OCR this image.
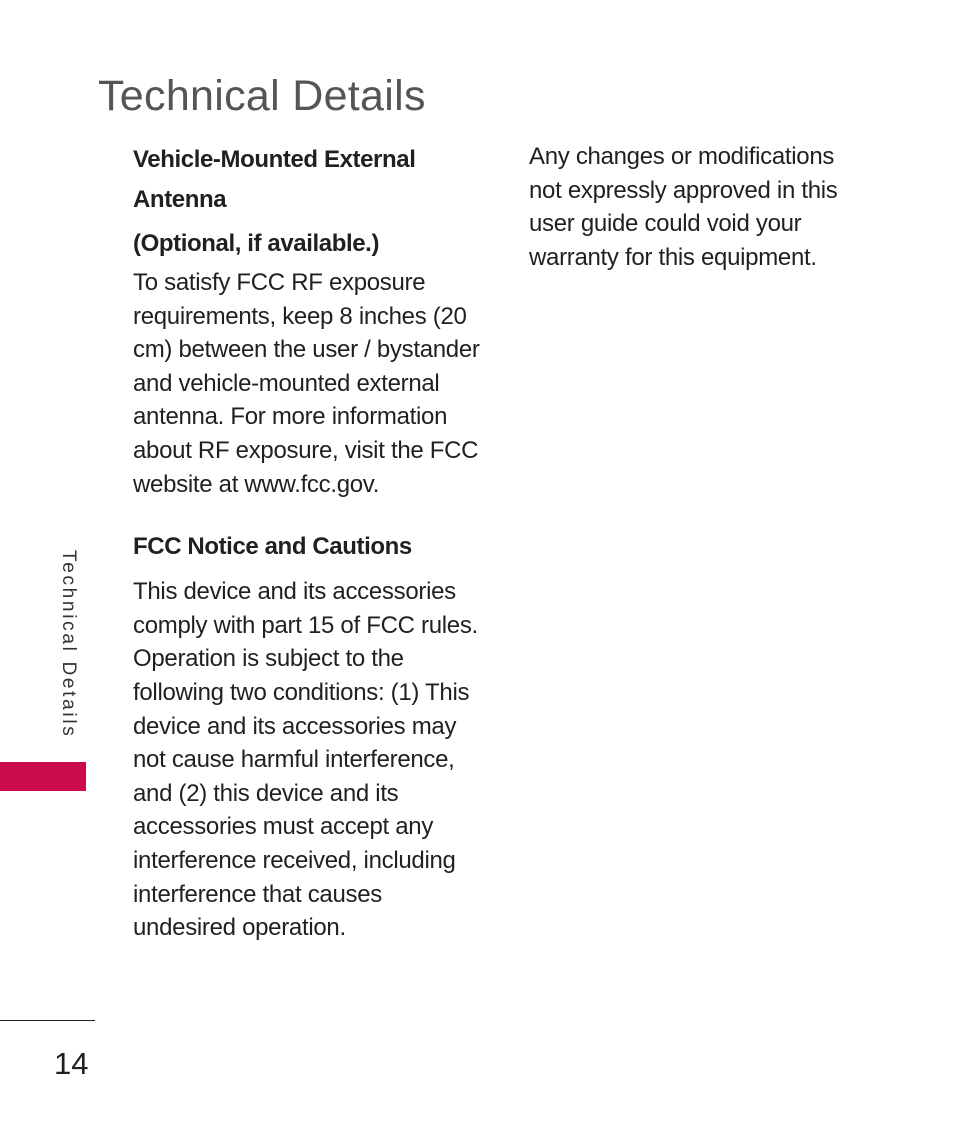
Technical Details

Vehicle-Mounted External
Antenna

(Optional, if available.)

To satisfy FCC RF exposure requirements, keep 8 inches (20 cm) between the user / bystander and vehicle-mounted external antenna. For more information about RF exposure, visit the FCC website at www.fcc.gov.

FCC Notice and Cautions

This device and its accessories comply with part 15 of FCC rules. Operation is subject to the following two conditions: (1) This device and its accessories may not cause harmful interference, and (2) this device and its accessories must accept any interference received, including interference that causes undesired operation.

Any changes or modifications not expressly approved in this user guide could void your warranty for this equipment.

Technical Details
14
